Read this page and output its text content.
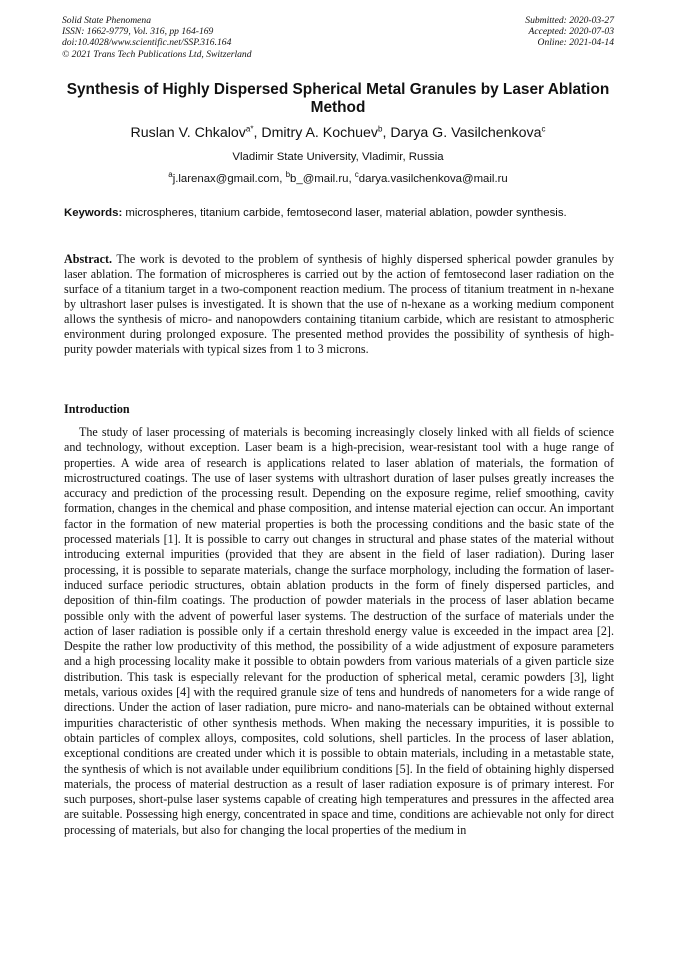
Solid State Phenomena
ISSN: 1662-9779, Vol. 316, pp 164-169
doi:10.4028/www.scientific.net/SSP.316.164
© 2021 Trans Tech Publications Ltd, Switzerland
Submitted: 2020-03-27
Accepted: 2020-07-03
Online: 2021-04-14
Synthesis of Highly Dispersed Spherical Metal Granules by Laser Ablation Method
Ruslan V. Chkalov$^{a*}$, Dmitry A. Kochuev$^b$, Darya G. Vasilchenkova$^c$
Vladimir State University, Vladimir, Russia
$^a$j.larenax@gmail.com, $^b$b_@mail.ru, $^c$darya.vasilchenkova@mail.ru
Keywords: microspheres, titanium carbide, femtosecond laser, material ablation, powder synthesis.

Abstract. The work is devoted to the problem of synthesis of highly dispersed spherical powder granules by laser ablation. The formation of microspheres is carried out by the action of femtosecond laser radiation on the surface of a titanium target in a two-component reaction medium. The process of titanium treatment in n-hexane by ultrashort laser pulses is investigated. It is shown that the use of n-hexane as a working medium component allows the synthesis of micro- and nanopowders containing titanium carbide, which are resistant to atmospheric environment during prolonged exposure. The presented method provides the possibility of synthesis of high-purity powder materials with typical sizes from 1 to 3 microns.

Introduction

The study of laser processing of materials is becoming increasingly closely linked with all fields of science and technology, without exception. Laser beam is a high-precision, wear-resistant tool with a huge range of properties. A wide area of research is applications related to laser ablation of materials, the formation of microstructured coatings. The use of laser systems with ultrashort duration of laser pulses greatly increases the accuracy and prediction of the processing result. Depending on the exposure regime, relief smoothing, cavity formation, changes in the chemical and phase composition, and intense material ejection can occur. An important factor in the formation of new material properties is both the processing conditions and the basic state of the processed materials [1]. It is possible to carry out changes in structural and phase states of the material without introducing external impurities (provided that they are absent in the field of laser radiation). During laser processing, it is possible to separate materials, change the surface morphology, including the formation of laser-induced surface periodic structures, obtain ablation products in the form of finely dispersed particles, and deposition of thin-film coatings. The production of powder materials in the process of laser ablation became possible only with the advent of powerful laser systems. The destruction of the surface of materials under the action of laser radiation is possible only if a certain threshold energy value is exceeded in the impact area [2]. Despite the rather low productivity of this method, the possibility of a wide adjustment of exposure parameters and a high processing locality make it possible to obtain powders from various materials of a given particle size distribution. This task is especially relevant for the production of spherical metal, ceramic powders [3], light metals, various oxides [4] with the required granule size of tens and hundreds of nanometers for a wide range of directions. Under the action of laser radiation, pure micro- and nano-materials can be obtained without external impurities characteristic of other synthesis methods. When making the necessary impurities, it is possible to obtain particles of complex alloys, composites, cold solutions, shell particles. In the process of laser ablation, exceptional conditions are created under which it is possible to obtain materials, including in a metastable state, the synthesis of which is not available under equilibrium conditions [5]. In the field of obtaining highly dispersed materials, the process of material destruction as a result of laser radiation exposure is of primary interest. For such purposes, short-pulse laser systems capable of creating high temperatures and pressures in the affected area are suitable. Possessing high energy, concentrated in space and time, conditions are achievable not only for direct processing of materials, but also for changing the local properties of the medium in
